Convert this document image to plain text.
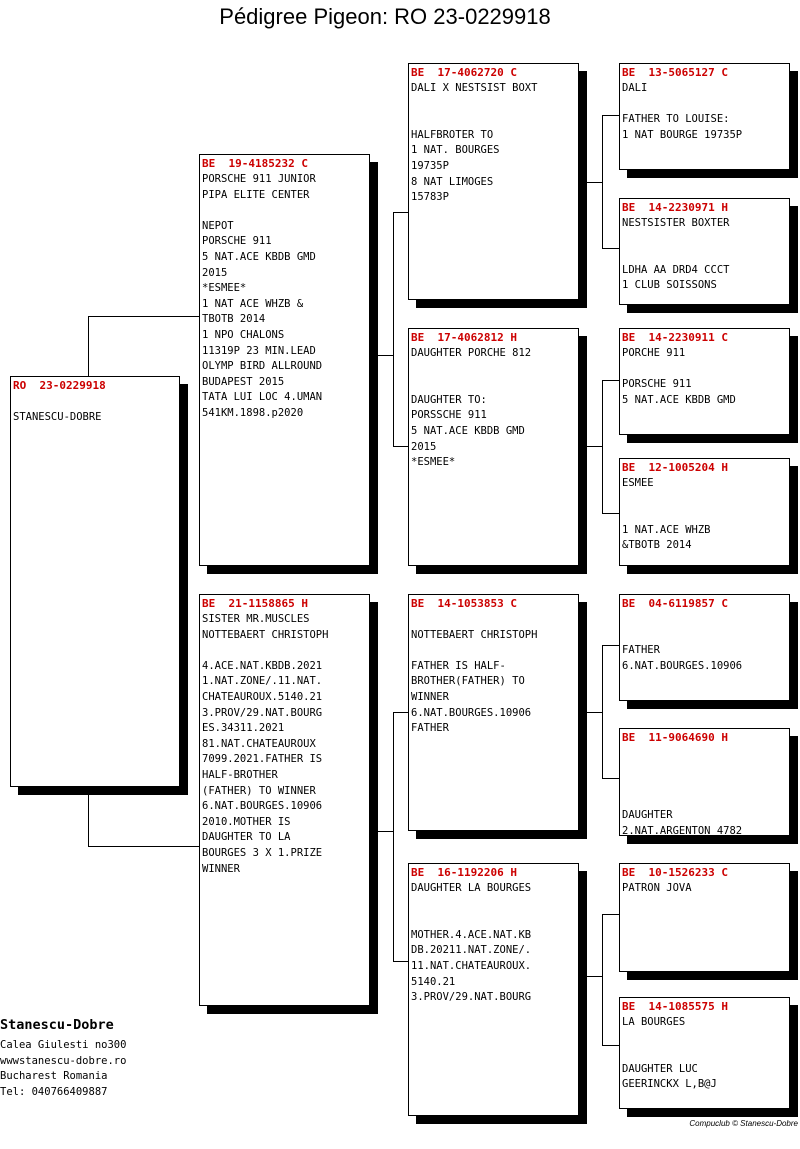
Pédigree Pigeon: RO 23-0229918
RO  23-0229918
STANESCU-DOBRE
BE  19-4185232 C
PORSCHE 911 JUNIOR
PIPA ELITE CENTER
NEPOT
PORSCHE 911
5 NAT.ACE KBDB GMD
2015
*ESMEE*
1 NAT ACE WHZB &
TBOTB 2014
1 NPO CHALONS
11319P 23 MIN.LEAD
OLYMP BIRD ALLROUND
BUDAPEST 2015
TATA LUI LOC 4.UMAN
541KM.1898.p2020
BE  21-1158865 H
SISTER MR.MUSCLES
NOTTEBAERT CHRISTOPH
4.ACE.NAT.KBDB.2021
1.NAT.ZONE/.11.NAT.
CHATEAUROUX.5140.21
3.PROV/29.NAT.BOURG
ES.34311.2021
81.NAT.CHATEAUROUX
7099.2021.FATHER IS
HALF-BROTHER
(FATHER) TO WINNER
6.NAT.BOURGES.10906
2010.MOTHER IS
DAUGHTER TO LA
BOURGES 3 X 1.PRIZE
WINNER
BE  17-4062720 C
DALI X NESTSIST BOXT
HALFBROTER TO
1 NAT. BOURGES
19735P
8 NAT LIMOGES
15783P
BE  17-4062812 H
DAUGHTER PORCHE 812
DAUGHTER TO:
PORSSCHE 911
5 NAT.ACE KBDB GMD
2015
*ESMEE*
BE  14-1053853 C
NOTTEBAERT CHRISTOPH
FATHER IS HALF-
BROTHER(FATHER) TO
WINNER
6.NAT.BOURGES.10906
FATHER
BE  16-1192206 H
DAUGHTER LA BOURGES
MOTHER.4.ACE.NAT.KB
DB.20211.NAT.ZONE/.
11.NAT.CHATEAUROUX.
5140.21
3.PROV/29.NAT.BOURG
BE  13-5065127 C
DALI
FATHER TO LOUISE:
1 NAT BOURGE 19735P
BE  14-2230971 H
NESTSISTER BOXTER
LDHA AA DRD4 CCCT
1 CLUB SOISSONS
BE  14-2230911 C
PORCHE 911
PORSCHE 911
5 NAT.ACE KBDB GMD
BE  12-1005204 H
ESMEE
1 NAT.ACE WHZB
&TBOTB 2014
BE  04-6119857 C
FATHER
6.NAT.BOURGES.10906
BE  11-9064690 H
DAUGHTER
2.NAT.ARGENTON 4782
BE  10-1526233 C
PATRON JOVA
BE  14-1085575 H
LA BOURGES
DAUGHTER LUC
GEERINCKX L,B@J
Stanescu-Dobre
Calea Giulesti no300
wwwstanescu-dobre.ro
Bucharest Romania
Tel: 040766409887
Compuclub © Stanescu-Dobre
